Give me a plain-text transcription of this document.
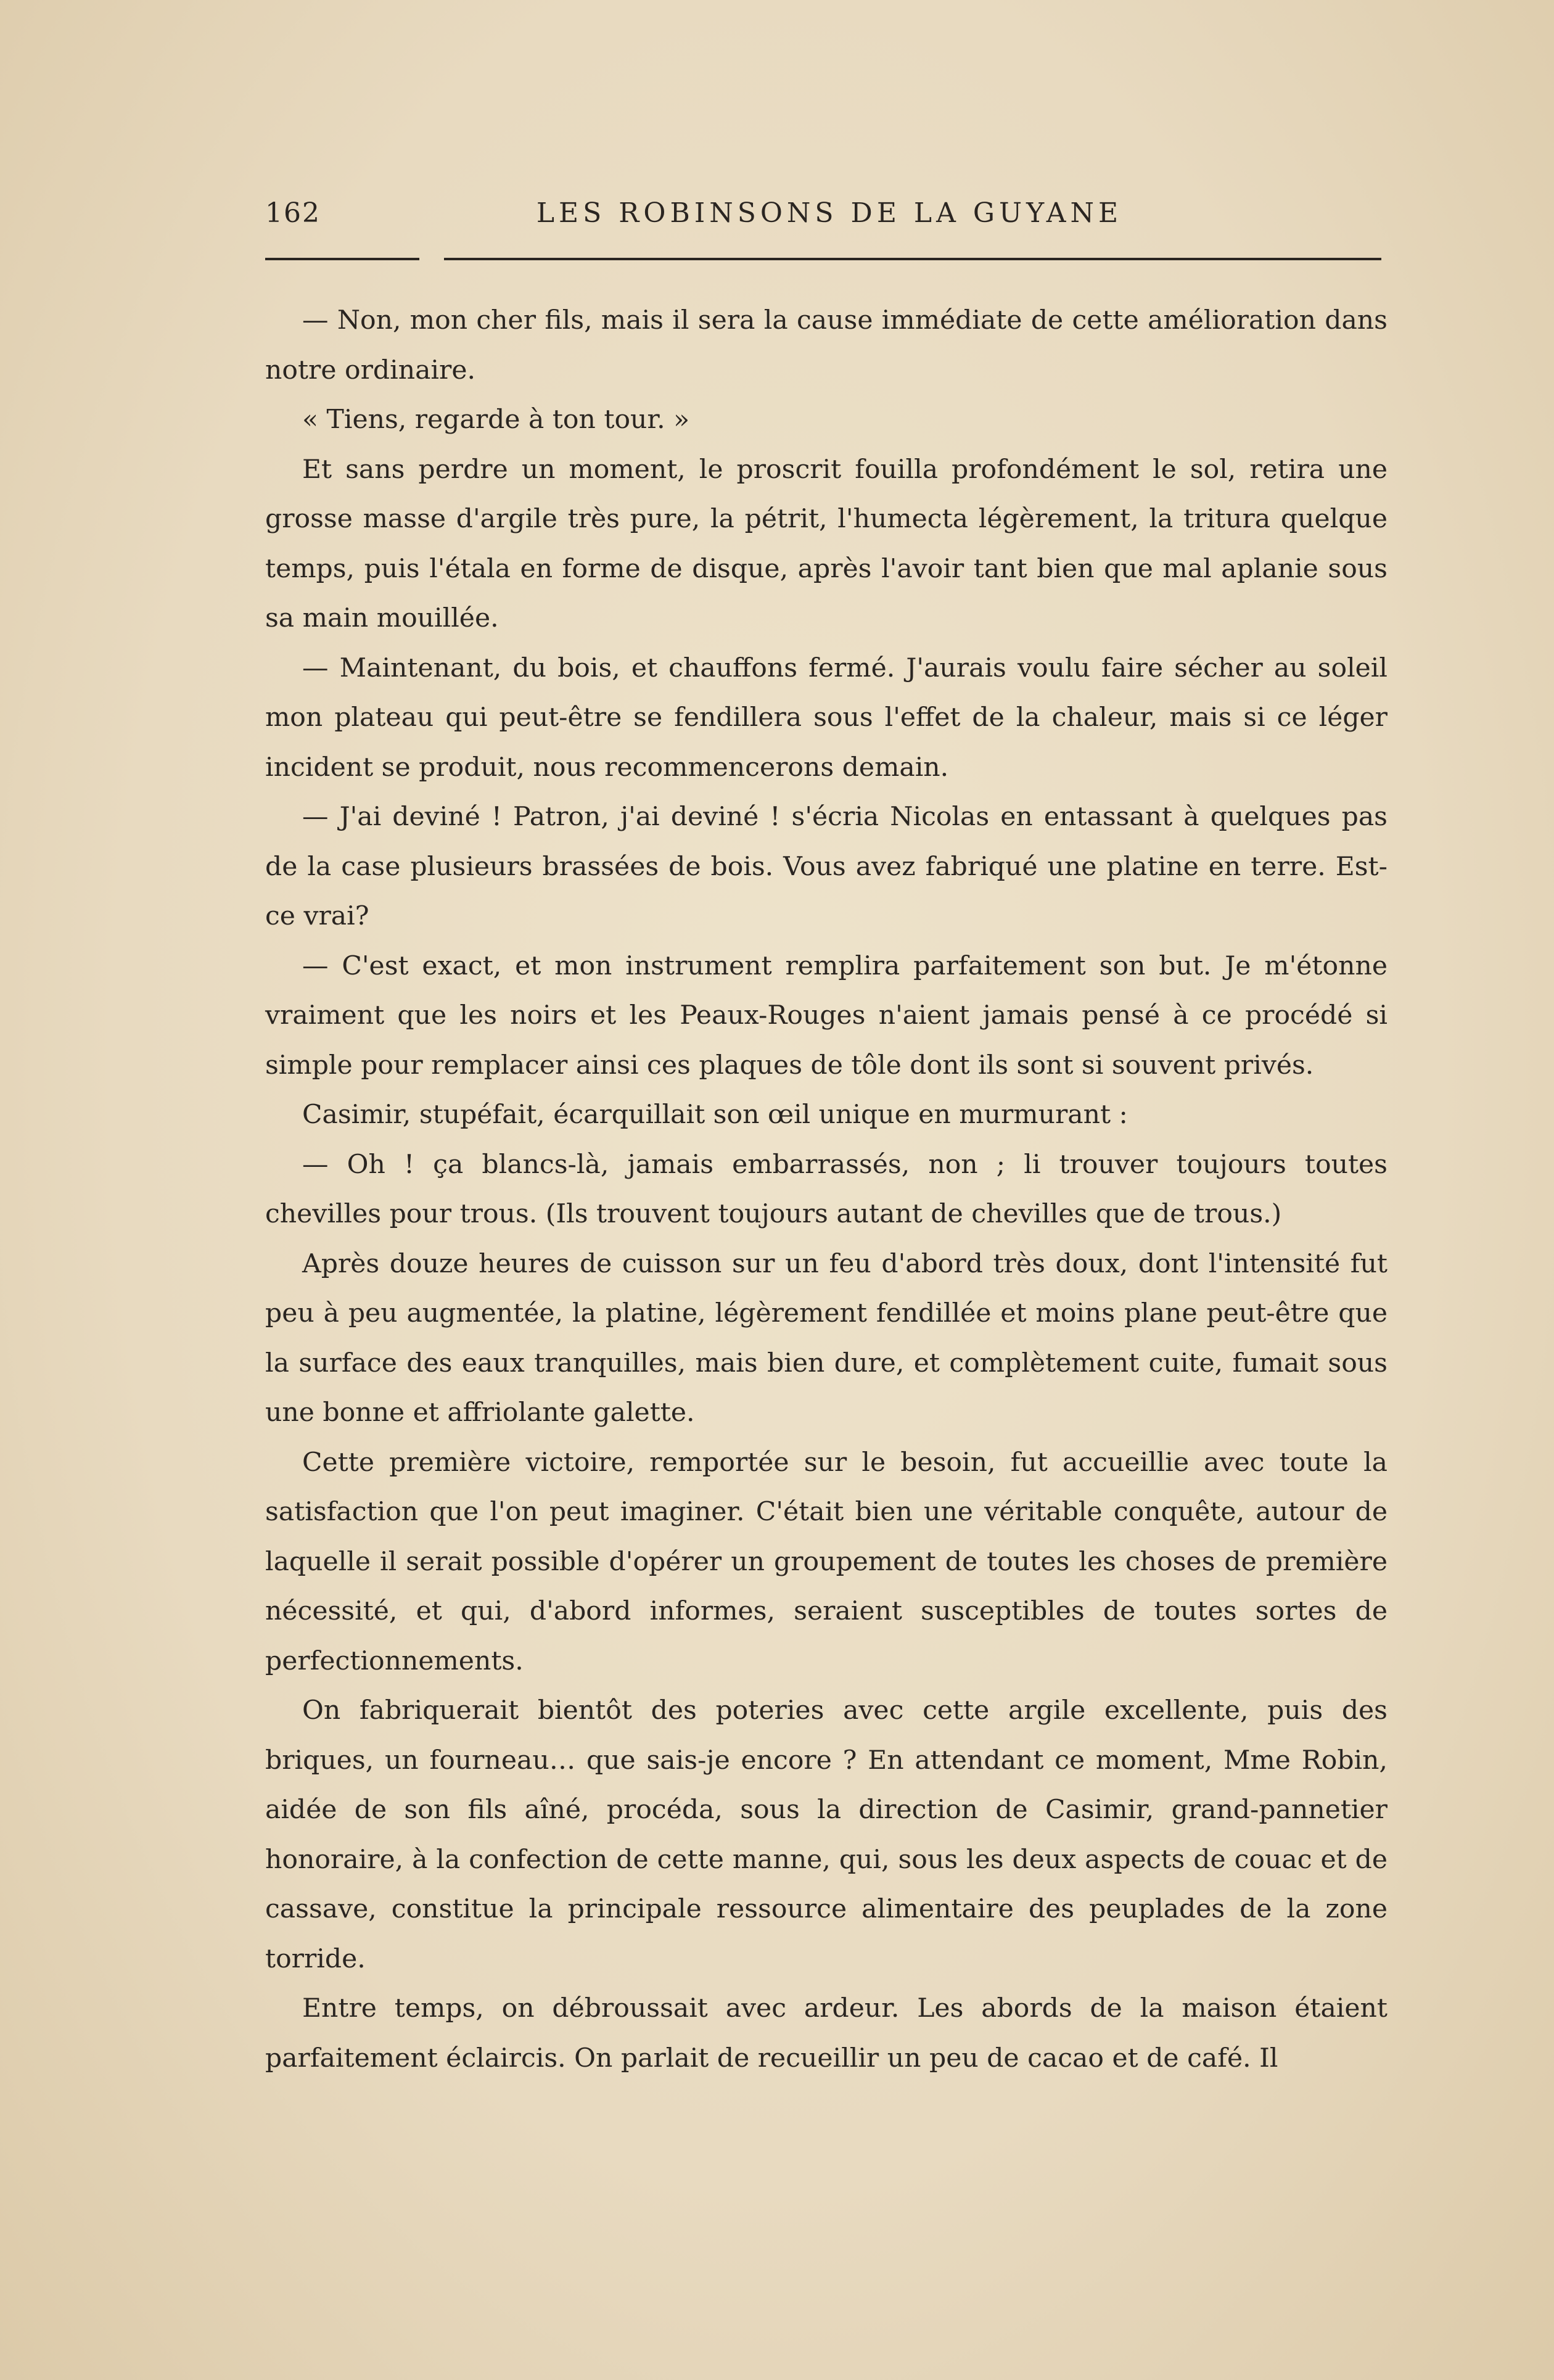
162	LES ROBINSONS DE LA GUYANE

— Non, mon cher fils, mais il sera la cause immédiate de cette amélioration dans notre ordinaire.

« Tiens, regarde à ton tour. »

Et sans perdre un moment, le proscrit fouilla profondément le sol, retira une grosse masse d'argile très pure, la pétrit, l'humecta légèrement, la tritura quelque temps, puis l'étala en forme de disque, après l'avoir tant bien que mal aplanie sous sa main mouillée.

— Maintenant, du bois, et chauffons fermé. J'aurais voulu faire sécher au soleil mon plateau qui peut-être se fendillera sous l'effet de la chaleur, mais si ce léger incident se produit, nous recommencerons demain.

— J'ai deviné ! Patron, j'ai deviné ! s'écria Nicolas en entassant à quelques pas de la case plusieurs brassées de bois. Vous avez fabriqué une platine en terre. Est-ce vrai?

— C'est exact, et mon instrument remplira parfaitement son but. Je m'étonne vraiment que les noirs et les Peaux-Rouges n'aient jamais pensé à ce procédé si simple pour remplacer ainsi ces plaques de tôle dont ils sont si souvent privés.

Casimir, stupéfait, écarquillait son œil unique en murmurant :

— Oh ! ça blancs-là, jamais embarrassés, non ; li trouver toujours toutes chevilles pour trous. (Ils trouvent toujours autant de chevilles que de trous.)

Après douze heures de cuisson sur un feu d'abord très doux, dont l'intensité fut peu à peu augmentée, la platine, légèrement fendillée et moins plane peut-être que la surface des eaux tranquilles, mais bien dure, et complètement cuite, fumait sous une bonne et affriolante galette.

Cette première victoire, remportée sur le besoin, fut accueillie avec toute la satisfaction que l'on peut imaginer. C'était bien une véritable conquête, autour de laquelle il serait possible d'opérer un groupement de toutes les choses de première nécessité, et qui, d'abord informes, seraient susceptibles de toutes sortes de perfectionnements.

On fabriquerait bientôt des poteries avec cette argile excellente, puis des briques, un fourneau… que sais-je encore ? En attendant ce moment, Mme Robin, aidée de son fils aîné, procéda, sous la direction de Casimir, grand-pannetier honoraire, à la confection de cette manne, qui, sous les deux aspects de couac et de cassave, constitue la principale ressource alimentaire des peuplades de la zone torride.

Entre temps, on débroussait avec ardeur. Les abords de la maison étaient parfaitement éclaircis. On parlait de recueillir un peu de cacao et de café. Il
